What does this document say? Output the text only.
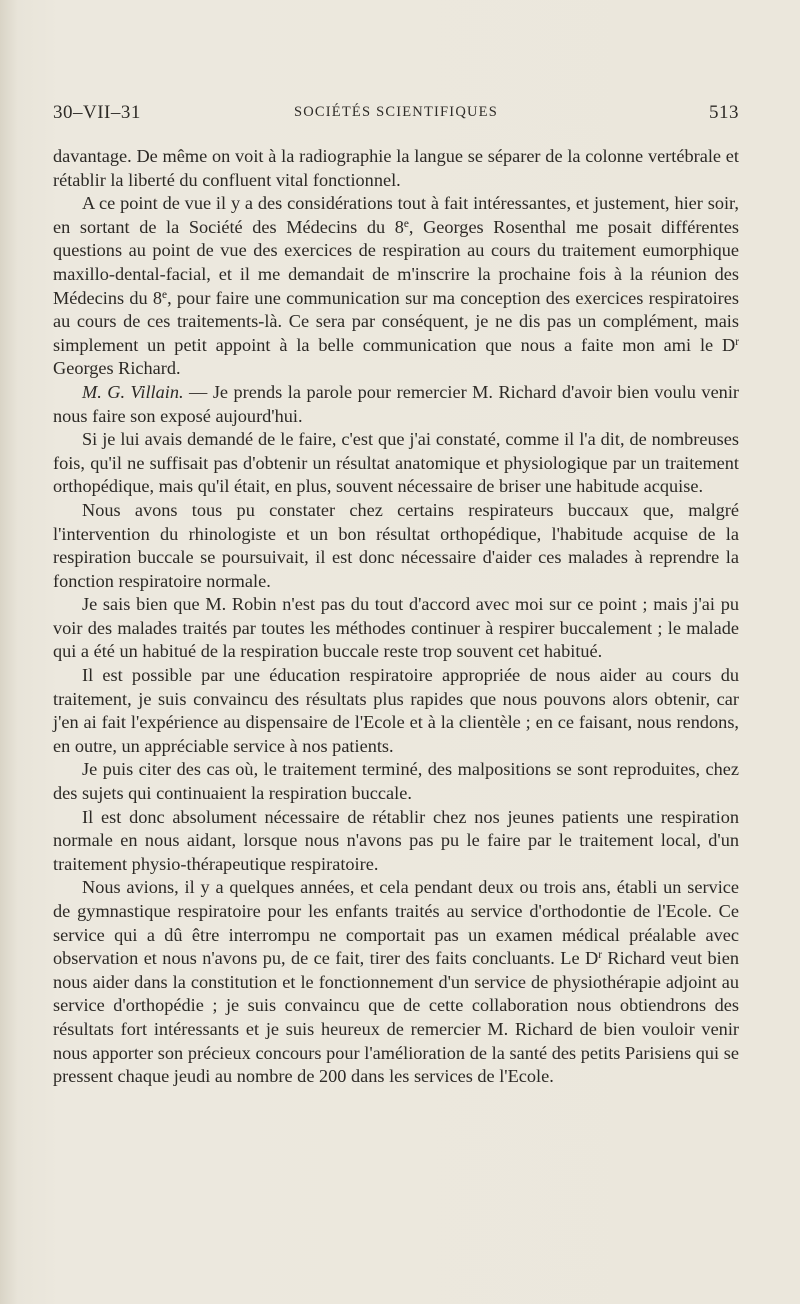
30–VII–31	SOCIÉTÉS SCIENTIFIQUES	513

davantage. De même on voit à la radiographie la langue se séparer de la colonne vertébrale et rétablir la liberté du confluent vital fonctionnel.

A ce point de vue il y a des considérations tout à fait intéressantes, et justement, hier soir, en sortant de la Société des Médecins du 8e, Georges Rosenthal me posait différentes questions au point de vue des exercices de respiration au cours du traitement eumorphique maxillo-dental-facial, et il me demandait de m'inscrire la prochaine fois à la réunion des Médecins du 8e, pour faire une communication sur ma conception des exercices respiratoires au cours de ces traitements-là. Ce sera par conséquent, je ne dis pas un complément, mais simplement un petit appoint à la belle communication que nous a faite mon ami le $D^r$ Georges Richard.

M. G. Villain. — Je prends la parole pour remercier M. Richard d'avoir bien voulu venir nous faire son exposé aujourd'hui.

Si je lui avais demandé de le faire, c'est que j'ai constaté, comme il l'a dit, de nombreuses fois, qu'il ne suffisait pas d'obtenir un résultat anatomique et physiologique par un traitement orthopédique, mais qu'il était, en plus, souvent nécessaire de briser une habitude acquise.

Nous avons tous pu constater chez certains respirateurs buccaux que, malgré l'intervention du rhinologiste et un bon résultat orthopédique, l'habitude acquise de la respiration buccale se poursuivait, il est donc nécessaire d'aider ces malades à reprendre la fonction respiratoire normale.

Je sais bien que M. Robin n'est pas du tout d'accord avec moi sur ce point ; mais j'ai pu voir des malades traités par toutes les méthodes continuer à respirer buccalement ; le malade qui a été un habitué de la respiration buccale reste trop souvent cet habitué.

Il est possible par une éducation respiratoire appropriée de nous aider au cours du traitement, je suis convaincu des résultats plus rapides que nous pouvons alors obtenir, car j'en ai fait l'expérience au dispensaire de l'Ecole et à la clientèle ; en ce faisant, nous rendons, en outre, un appréciable service à nos patients.

Je puis citer des cas où, le traitement terminé, des malpositions se sont reproduites, chez des sujets qui continuaient la respiration buccale.

Il est donc absolument nécessaire de rétablir chez nos jeunes patients une respiration normale en nous aidant, lorsque nous n'avons pas pu le faire par le traitement local, d'un traitement physio-thérapeutique respiratoire.

Nous avions, il y a quelques années, et cela pendant deux ou trois ans, établi un service de gymnastique respiratoire pour les enfants traités au service d'orthodontie de l'Ecole. Ce service qui a dû être interrompu ne comportait pas un examen médical préalable avec observation et nous n'avons pu, de ce fait, tirer des faits concluants. Le $D^r$ Richard veut bien nous aider dans la constitution et le fonctionnement d'un service de physiothérapie adjoint au service d'orthopédie ; je suis convaincu que de cette collaboration nous obtiendrons des résultats fort intéressants et je suis heureux de remercier M. Richard de bien vouloir venir nous apporter son précieux concours pour l'amélioration de la santé des petits Parisiens qui se pressent chaque jeudi au nombre de 200 dans les services de l'Ecole.
